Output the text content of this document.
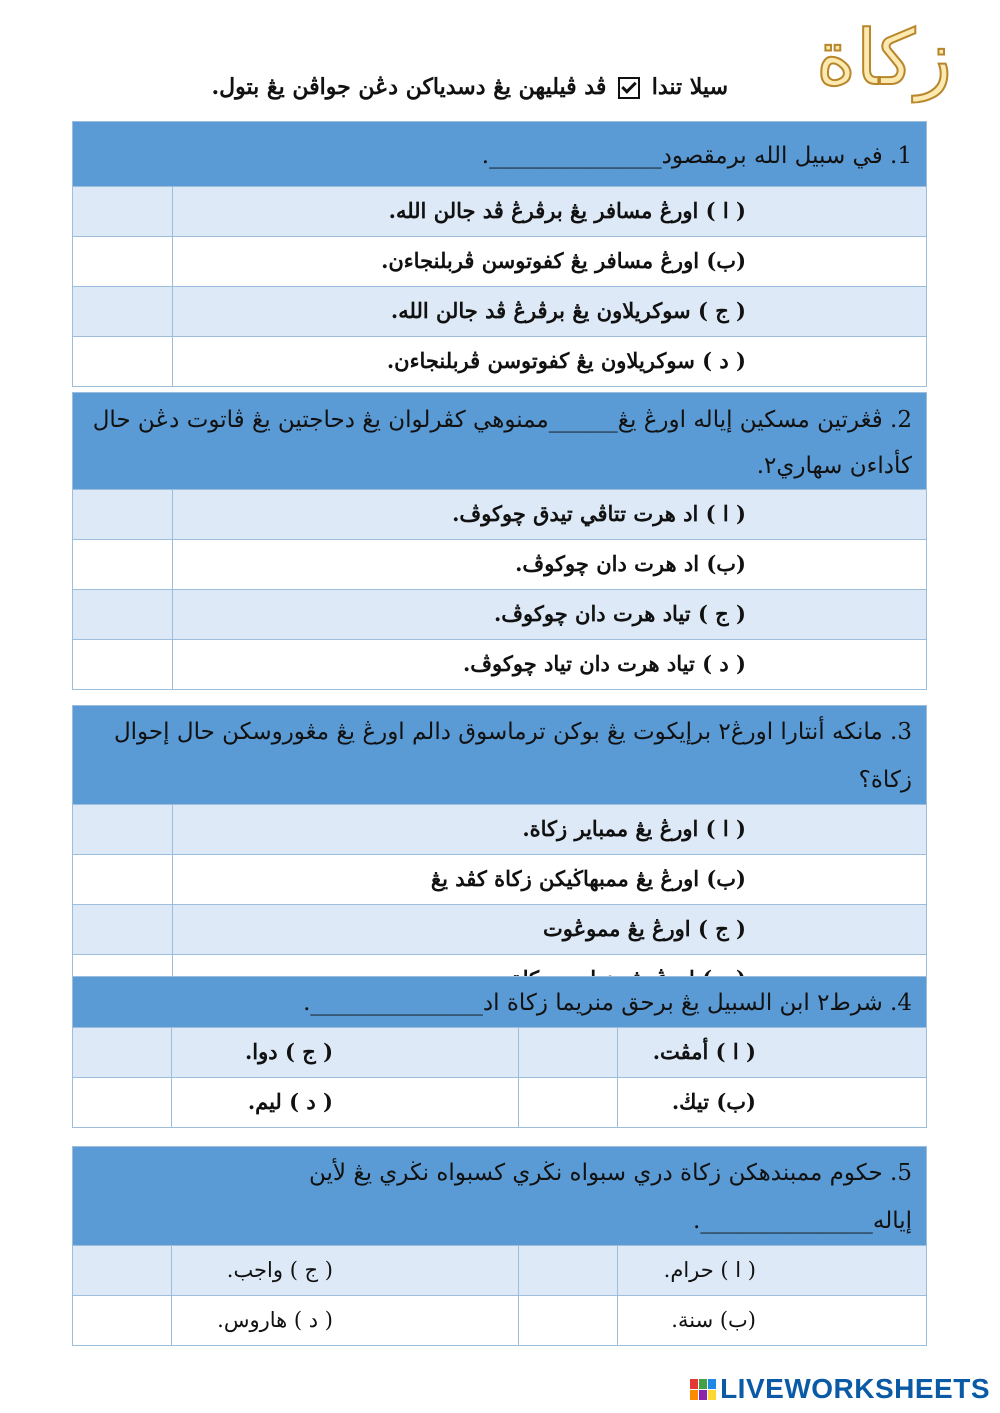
زكاة
سيلا تندا  ڤد ڤيليهن يڠ دسدياكن دڠن جواڤن يڠ بتول.
1. في سبيل الله برمقصود_______________.
( ا ) اورڠ مسافر يڠ برڤرڠ ڤد جالن الله.
(ب) اورڠ مسافر يڠ كفوتوسن ڤربلنجاءن.
( ج ) سوكريلاون يڠ برڤرڠ ڤد جالن الله.
( د ) سوكريلاون يڠ كفوتوسن ڤربلنجاءن.
2. ڤڠرتين مسكين إياله اورڠ يڠ______ممنوهي كڤرلوان يڠ دحاجتين يڠ ڤاتوت دڠن حال كأداءن سهاري٢.
( ا ) اد هرت تتاڤي تيدق چوكوڤ.
(ب) اد هرت دان چوكوڤ.
( ج ) تياد هرت دان چوكوڤ.
( د ) تياد هرت دان تياد چوكوڤ.
3. مانكه أنتارا اورڠ٢ برإيكوت يڠ بوكن ترماسوق دالم اورڠ يڠ مڠوروسكن حال إحوال زكاة؟
( ا ) اورڠ يڠ ممباير زكاة.
(ب) اورڠ يڠ ممبهاڬيكن زكاة كڤد يڠ
( ج ) اورڠ يڠ مموڠوت
4. شرط٢ ابن السبيل يڠ برحق منريما زكاة اد_______________.
( ج ) دوا.	( ا ) أمڤت.
( د ) ليم.	(ب) تيڬ.
5. حكوم ممبندهكن زكاة دري سبواه نڬري كسبواه نڬري يڠ لأين إياله_______________.
( ج ) واجب.	( ا ) حرام.
( د ) هاروس.	(ب) سنة.
LIVEWORKSHEETS
